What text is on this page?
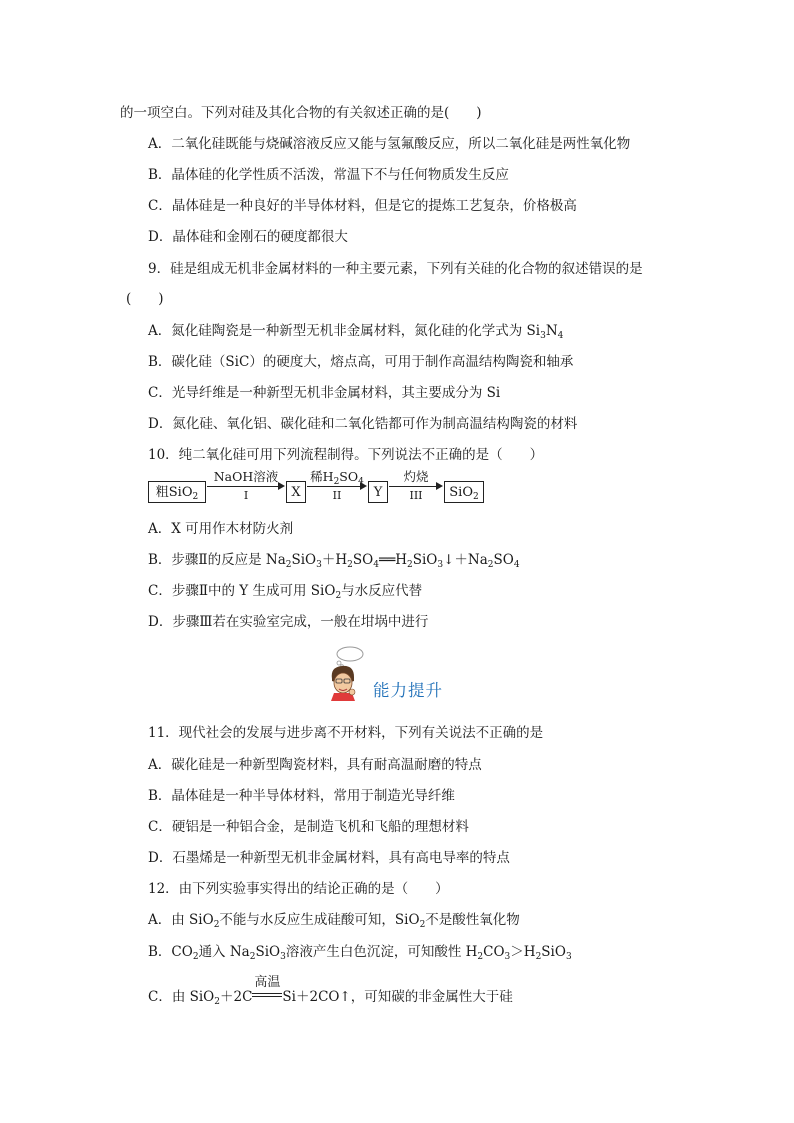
的一项空白。下列对硅及其化合物的有关叙述正确的是(　　)
A．二氧化硅既能与烧碱溶液反应又能与氢氟酸反应，所以二氧化硅是两性氧化物
B．晶体硅的化学性质不活泼，常温下不与任何物质发生反应
C．晶体硅是一种良好的半导体材料，但是它的提炼工艺复杂，价格极高
D．晶体硅和金刚石的硬度都很大
9．硅是组成无机非金属材料的一种主要元素，下列有关硅的化合物的叙述错误的是
(　　)
A．氮化硅陶瓷是一种新型无机非金属材料，氮化硅的化学式为 $Si_3N_4$
B．碳化硅（SiC）的硬度大，熔点高，可用于制作高温结构陶瓷和轴承
C．光导纤维是一种新型无机非金属材料，其主要成分为 Si
D．氮化硅、氧化铝、碳化硅和二氧化锆都可作为制高温结构陶瓷的材料
10．纯二氧化硅可用下列流程制得。下列说法不正确的是（　　）
粗SiO$_2$
NaOH溶液
I	X
稀$H_2SO_4$
II	Y
灼烧
III	SiO$_2$
A．X 可用作木材防火剂
B．步骤Ⅱ的反应是 $Na_2SiO_3+H_2SO_4══H_2SiO_3↓+Na_2SO_4$
C．步骤Ⅱ中的 Y 生成可用 SiO$_2$与水反应代替
D．步骤Ⅲ若在实验室完成，一般在坩埚中进行
能力提升
11．现代社会的发展与进步离不开材料，下列有关说法不正确的是
A．碳化硅是一种新型陶瓷材料，具有耐高温耐磨的特点
B．晶体硅是一种半导体材料，常用于制造光导纤维
C．硬铝是一种铝合金，是制造飞机和飞船的理想材料
D．石墨烯是一种新型无机非金属材料，具有高电导率的特点
12．由下列实验事实得出的结论正确的是（　　）
A．由 SiO$_2$不能与水反应生成硅酸可知，SiO$_2$不是酸性氧化物
B．$CO_2$通入 $Na_2SiO_3$溶液产生白色沉淀，可知酸性 $H_2CO_3>H_2SiO_3$
C．由 SiO$_2$＋2C
高温
Si＋2CO↑，可知碳的非金属性大于硅
